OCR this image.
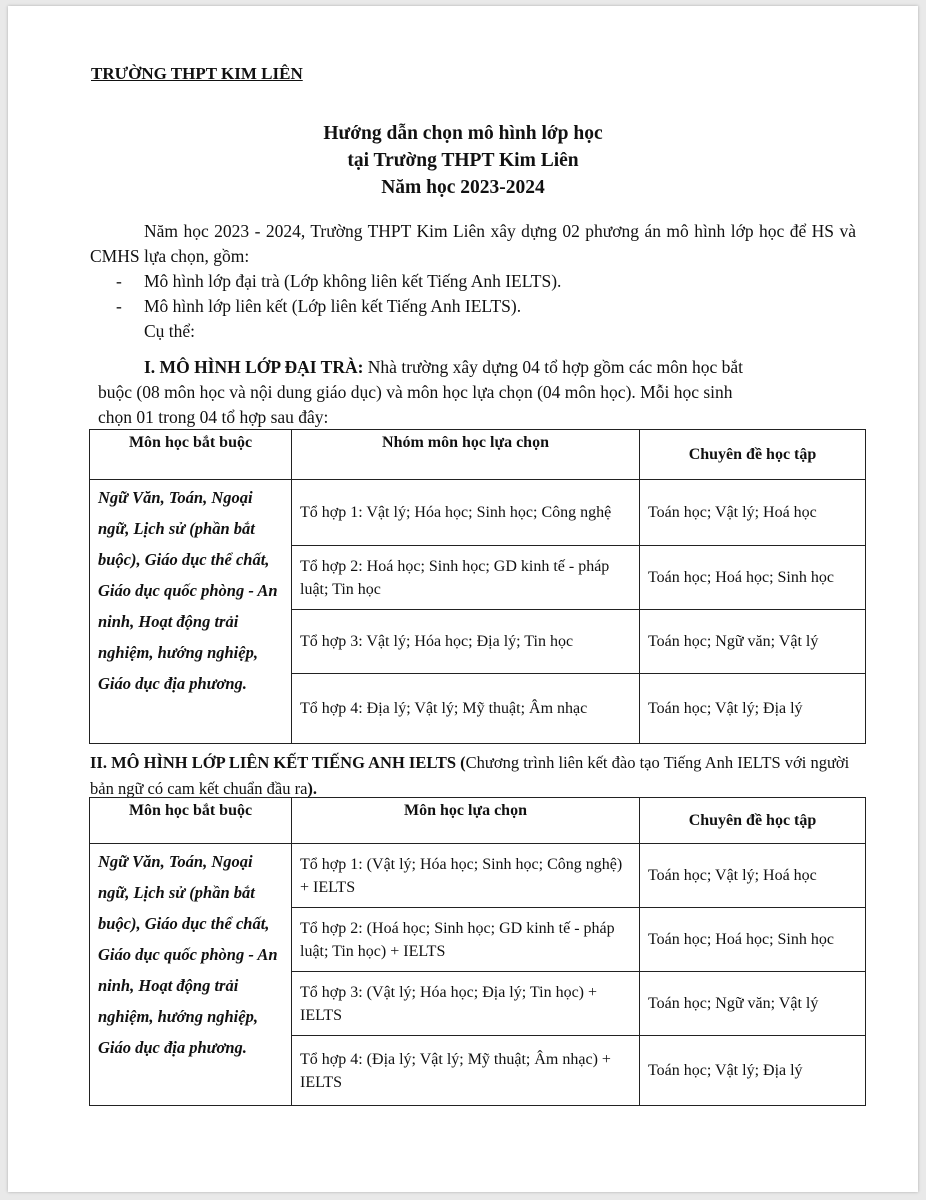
TRƯỜNG THPT KIM LIÊN
Hướng dẫn chọn mô hình lớp học
tại Trường THPT Kim Liên
Năm học 2023-2024

Năm học 2023 - 2024, Trường THPT Kim Liên xây dựng 02 phương án mô hình lớp học để HS và CMHS lựa chọn, gồm:

- Mô hình lớp đại trà (Lớp không liên kết Tiếng Anh IELTS).

- Mô hình lớp liên kết (Lớp liên kết Tiếng Anh IELTS).

Cụ thể:

I. MÔ HÌNH LỚP ĐẠI TRÀ: Nhà trường xây dựng 04 tổ hợp gồm các môn học bắt

buộc (08 môn học và nội dung giáo dục) và môn học lựa chọn (04 môn học). Mỗi học sinh

chọn 01 trong 04 tổ hợp sau đây:

Môn học bắt buộc	Nhóm môn học lựa chọn	Chuyên đề học tập

Ngữ Văn, Toán, Ngoại ngữ, Lịch sử (phần bắt buộc), Giáo dục thể chất, Giáo dục quốc phòng - An ninh, Hoạt động trải nghiệm, hướng nghiệp, Giáo dục địa phương.	Tổ hợp 1: Vật lý; Hóa học; Sinh học; Công nghệ	Toán học; Vật lý; Hoá học
	Tổ hợp 2: Hoá học; Sinh học; GD kinh tế - pháp luật; Tin học	Toán học; Hoá học; Sinh học
	Tổ hợp 3: Vật lý; Hóa học; Địa lý; Tin học	Toán học; Ngữ văn; Vật lý
	Tổ hợp 4: Địa lý; Vật lý; Mỹ thuật; Âm nhạc	Toán học; Vật lý; Địa lý

II. MÔ HÌNH LỚP LIÊN KẾT TIẾNG ANH IELTS (Chương trình liên kết đào tạo Tiếng Anh IELTS với người bản ngữ có cam kết chuẩn đầu ra).

Môn học bắt buộc	Môn học lựa chọn	Chuyên đề học tập

Ngữ Văn, Toán, Ngoại ngữ, Lịch sử (phần bắt buộc), Giáo dục thể chất, Giáo dục quốc phòng - An ninh, Hoạt động trải nghiệm, hướng nghiệp, Giáo dục địa phương.	Tổ hợp 1: (Vật lý; Hóa học; Sinh học; Công nghệ) + IELTS	Toán học; Vật lý; Hoá học
	Tổ hợp 2: (Hoá học; Sinh học; GD kinh tế - pháp luật; Tin học) + IELTS	Toán học; Hoá học; Sinh học
	Tổ hợp 3: (Vật lý; Hóa học; Địa lý; Tin học) + IELTS	Toán học; Ngữ văn; Vật lý
	Tổ hợp 4: (Địa lý; Vật lý; Mỹ thuật; Âm nhạc) + IELTS	Toán học; Vật lý; Địa lý
